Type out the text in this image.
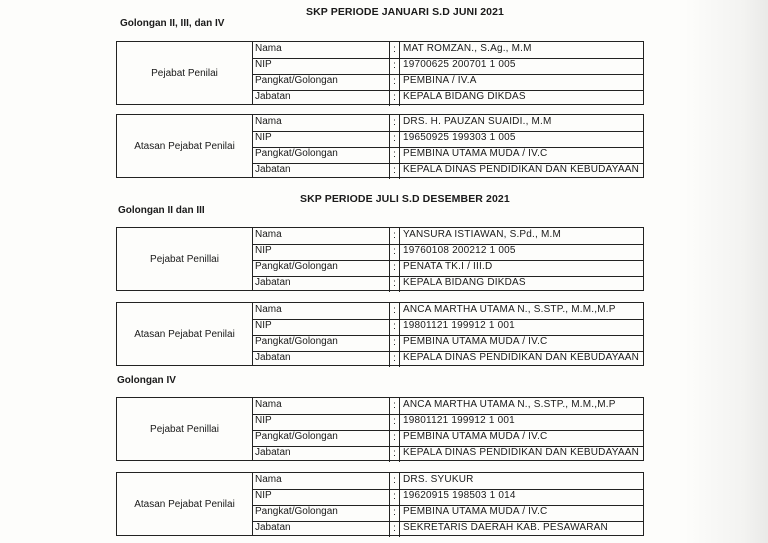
SKP PERIODE JANUARI S.D JUNI 2021
Golongan II, III, dan IV
Pejabat Penilai
Nama	: MAT ROMZAN., S.Ag., M.M
NIP	: 19700625 200701 1 005
Pangkat/Golongan	: PEMBINA / IV.A
Jabatan	: KEPALA BIDANG DIKDAS
Atasan Pejabat Penilai
Nama	: DRS. H. PAUZAN SUAIDI., M.M
NIP	: 19650925 199303 1 005
Pangkat/Golongan	: PEMBINA UTAMA MUDA / IV.C
Jabatan	: KEPALA DINAS PENDIDIKAN DAN KEBUDAYAAN
SKP PERIODE JULI S.D DESEMBER 2021
Golongan II dan III
Pejabat Penillai
Nama	: YANSURA ISTIAWAN, S.Pd., M.M
NIP	: 19760108 200212 1 005
Pangkat/Golongan	: PENATA TK.I / III.D
Jabatan	: KEPALA BIDANG DIKDAS
Atasan Pejabat Penilai
Nama	: ANCA MARTHA UTAMA N., S.STP., M.M.,M.P
NIP	: 19801121 199912 1 001
Pangkat/Golongan	: PEMBINA UTAMA MUDA / IV.C
Jabatan	: KEPALA DINAS PENDIDIKAN DAN KEBUDAYAAN
Golongan IV
Pejabat Penillai
Nama	: ANCA MARTHA UTAMA N., S.STP., M.M.,M.P
NIP	: 19801121 199912 1 001
Pangkat/Golongan	: PEMBINA UTAMA MUDA / IV.C
Jabatan	: KEPALA DINAS PENDIDIKAN DAN KEBUDAYAAN
Atasan Pejabat Penilai
Nama	: DRS. SYUKUR
NIP	: 19620915 198503 1 014
Pangkat/Golongan	: PEMBINA UTAMA MUDA / IV.C
Jabatan	: SEKRETARIS DAERAH KAB. PESAWARAN
